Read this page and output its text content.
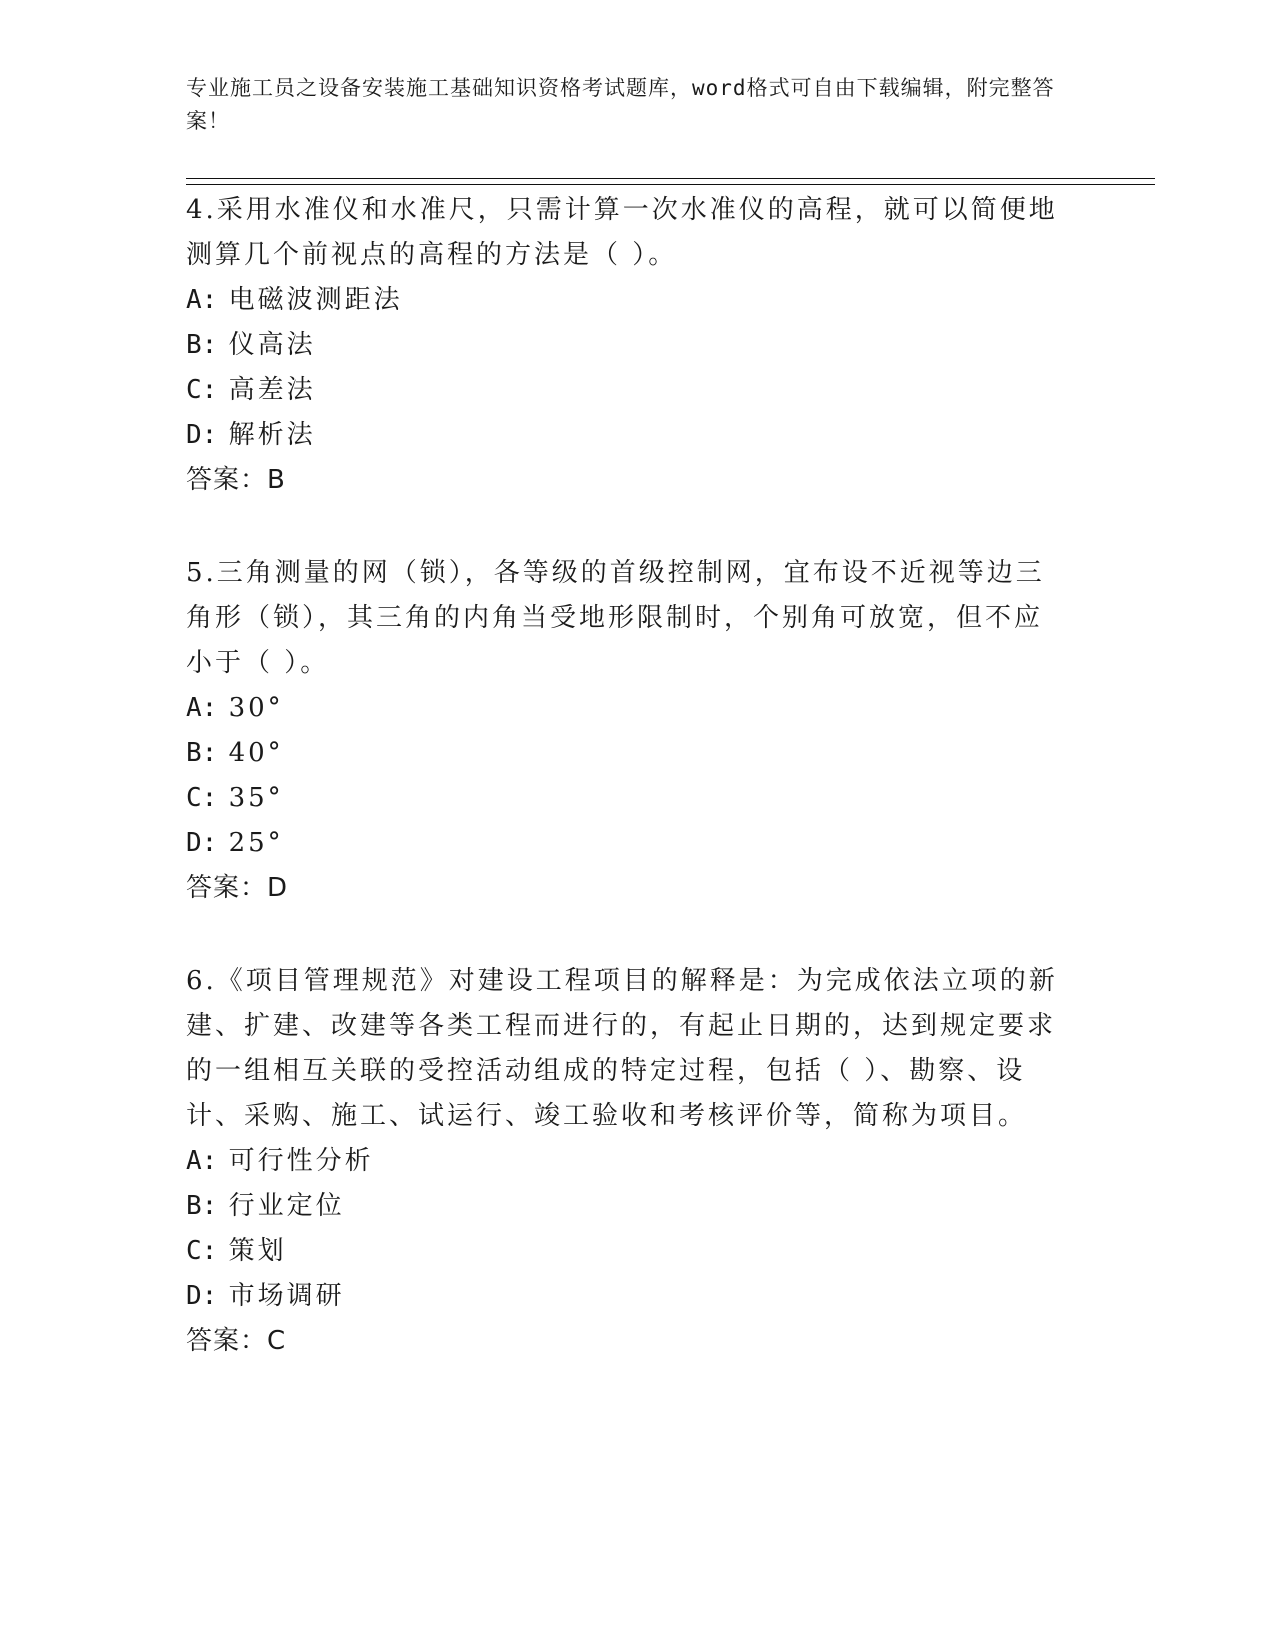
专业施工员之设备安装施工基础知识资格考试题库，word格式可自由下载编辑，附完整答案！

4.采用水准仪和水准尺，只需计算一次水准仪的高程，就可以简便地测算几个前视点的高程的方法是（ ）。

A: 电磁波测距法

B: 仪高法

C: 高差法

D: 解析法

答案：B

5.三角测量的网（锁），各等级的首级控制网，宜布设不近视等边三角形（锁），其三角的内角当受地形限制时，个别角可放宽，但不应小于（ ）。

A: 30°

B: 40°

C: 35°

D: 25°

答案：D

6.《项目管理规范》对建设工程项目的解释是：为完成依法立项的新建、扩建、改建等各类工程而进行的，有起止日期的，达到规定要求的一组相互关联的受控活动组成的特定过程，包括（ ）、勘察、设计、采购、施工、试运行、竣工验收和考核评价等，简称为项目。

A: 可行性分析

B: 行业定位

C: 策划

D: 市场调研

答案：C
